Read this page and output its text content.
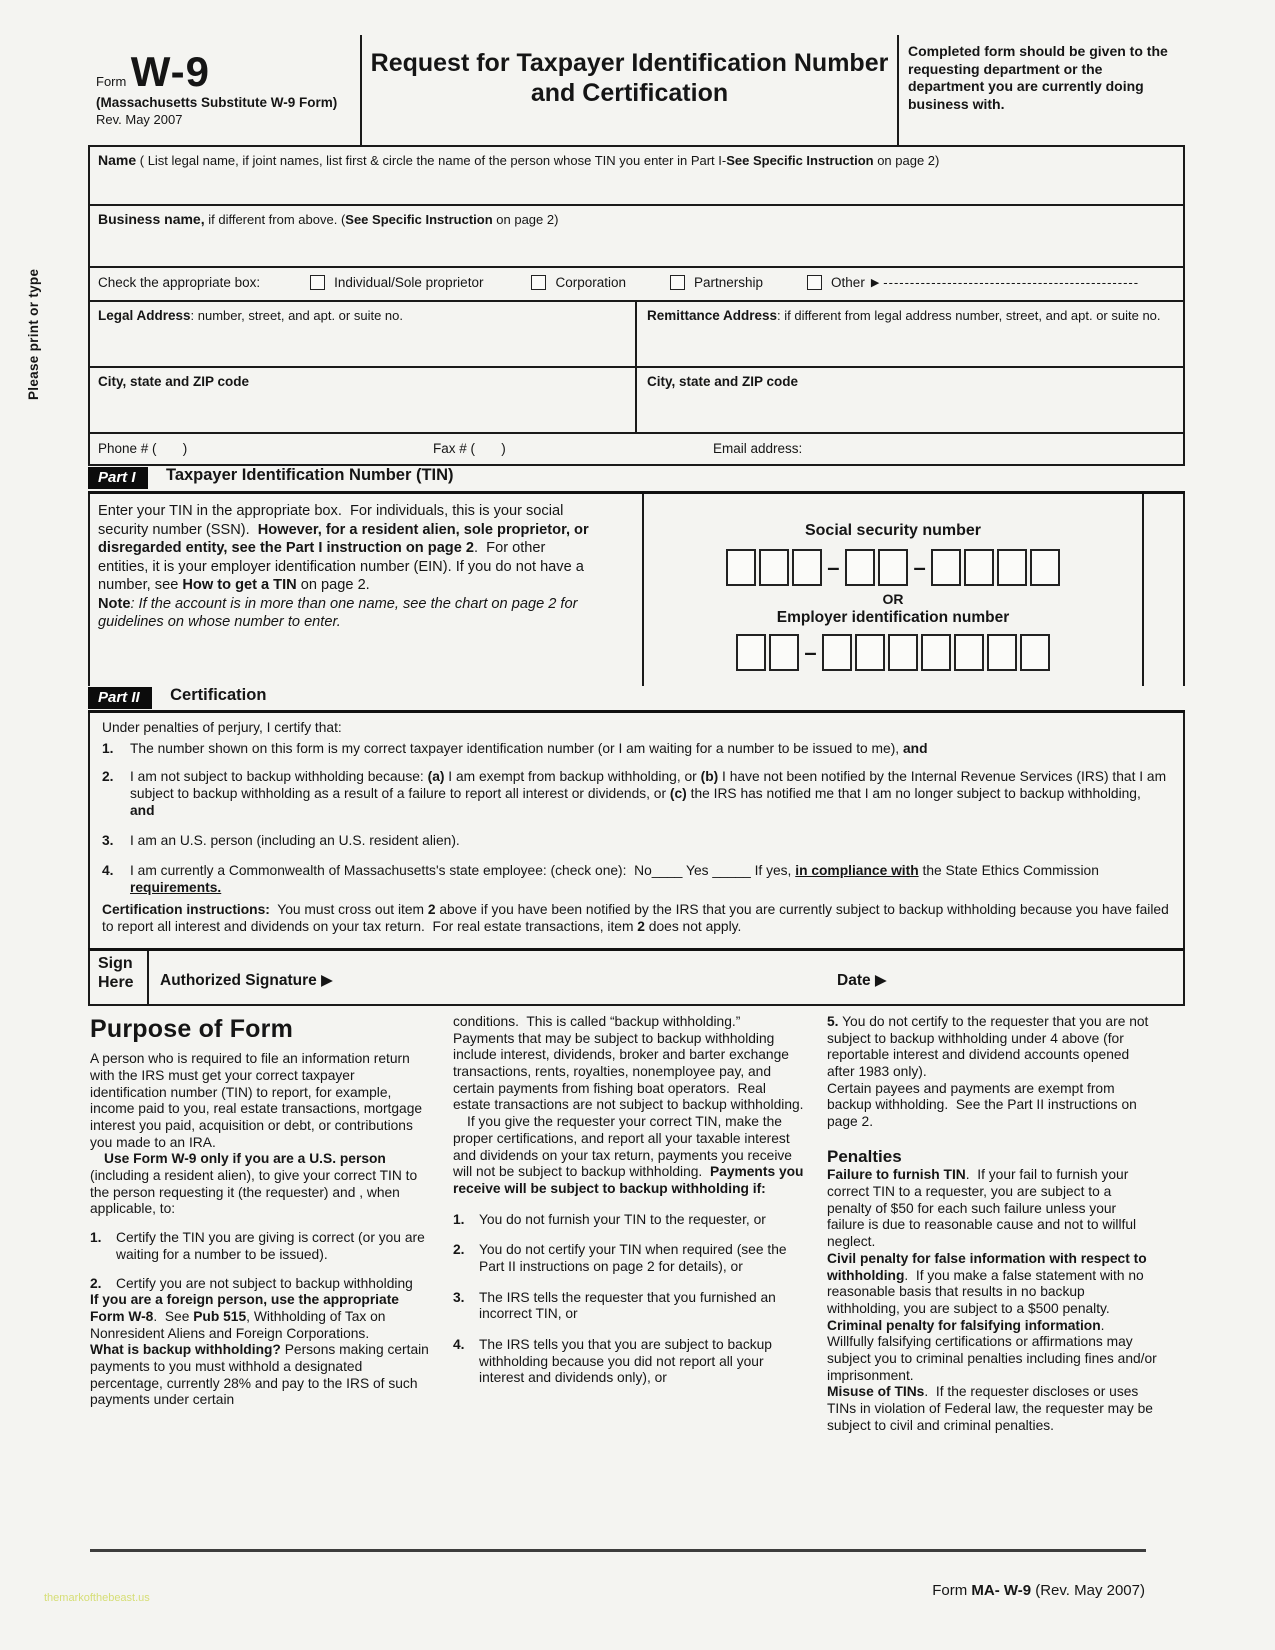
Please print or type
Form W-9
(Massachusetts Substitute W-9 Form)
Rev. May 2007
Request for Taxpayer Identification Number and Certification
Completed form should be given to the requesting department or the department you are currently doing business with.
Name ( List legal name, if joint names, list first & circle the name of the person whose TIN you enter in Part I-See Specific Instruction on page 2)
Business name, if different from above. (See Specific Instruction on page 2)
Check the appropriate box:	Individual/Sole proprietor	Corporation	Partnership	Other ▶ ------------------------------------------------
Legal Address: number, street, and apt. or suite no.	Remittance Address: if different from legal address number, street, and apt. or suite no.
City, state and ZIP code	City, state and ZIP code
Phone # (       )	Fax # (       )	Email address:
Part I Taxpayer Identification Number (TIN)
Enter your TIN in the appropriate box.  For individuals, this is your social security number (SSN).  However, for a resident alien, sole proprietor, or disregarded entity, see the Part I instruction on page 2.  For other entities, it is your employer identification number (EIN). If you do not have a number, see How to get a TIN on page 2.
Note: If the account is in more than one name, see the chart on page 2 for guidelines on whose number to enter.
Social security number
–	–
OR
Employer identification number
–
Part II Certification
Under penalties of perjury, I certify that:
1.	The number shown on this form is my correct taxpayer identification number (or I am waiting for a number to be issued to me), and
2.	I am not subject to backup withholding because: (a) I am exempt from backup withholding, or (b) I have not been notified by the Internal Revenue Services (IRS) that I am subject to backup withholding as a result of a failure to report all interest or dividends, or (c) the IRS has notified me that I am no longer subject to backup withholding, and
3.	I am an U.S. person (including an U.S. resident alien).
4.	I am currently a Commonwealth of Massachusetts's state employee: (check one):  No____ Yes _____ If yes, in compliance with the State Ethics Commission requirements.
Certification instructions:  You must cross out item 2 above if you have been notified by the IRS that you are currently subject to backup withholding because you have failed to report all interest and dividends on your tax return.  For real estate transactions, item 2 does not apply.
Sign
Here Authorized Signature ▶	Date ▶
Purpose of Form

A person who is required to file an information return with the IRS must get your correct taxpayer identification number (TIN) to report, for example, income paid to you, real estate transactions, mortgage interest you paid, acquisition or debt, or contributions you made to an IRA.

Use Form W-9 only if you are a U.S. person (including a resident alien), to give your correct TIN to the person requesting it (the requester) and , when applicable, to:

1.	Certify the TIN you are giving is correct (or you are waiting for a number to be issued).
2.	Certify you are not subject to backup withholding

If you are a foreign person, use the appropriate Form W-8.  See Pub 515, Withholding of Tax on Nonresident Aliens and Foreign Corporations.

What is backup withholding? Persons making certain payments to you must withhold a designated percentage, currently 28% and pay to the IRS of such payments under certain

conditions.  This is called “backup withholding.” Payments that may be subject to backup withholding include interest, dividends, broker and barter exchange transactions, rents, royalties, nonemployee pay, and certain payments from fishing boat operators.  Real estate transactions are not subject to backup withholding.

If you give the requester your correct TIN, make the proper certifications, and report all your taxable interest and dividends on your tax return, payments you receive will not be subject to backup withholding.  Payments you receive will be subject to backup withholding if:

1.	You do not furnish your TIN to the requester, or
2.	You do not certify your TIN when required (see the Part II instructions on page 2 for details), or
3.	The IRS tells the requester that you furnished an incorrect TIN, or
4.	The IRS tells you that you are subject to backup withholding because you did not report all your interest and dividends only), or

5. You do not certify to the requester that you are not subject to backup withholding under 4 above (for reportable interest and dividend accounts opened after 1983 only).

Certain payees and payments are exempt from backup withholding.  See the Part II instructions on page 2.

Penalties

Failure to furnish TIN.  If your fail to furnish your correct TIN to a requester, you are subject to a penalty of $50 for each such failure unless your failure is due to reasonable cause and not to willful neglect.

Civil penalty for false information with respect to withholding.  If you make a false statement with no reasonable basis that results in no backup withholding, you are subject to a $500 penalty.

Criminal penalty for falsifying information.  Willfully falsifying certifications or affirmations may subject you to criminal penalties including fines and/or imprisonment.

Misuse of TINs.  If the requester discloses or uses TINs in violation of Federal law, the requester may be subject to civil and criminal penalties.

themarkofthebeast.us	Form MA- W-9 (Rev. May 2007)
